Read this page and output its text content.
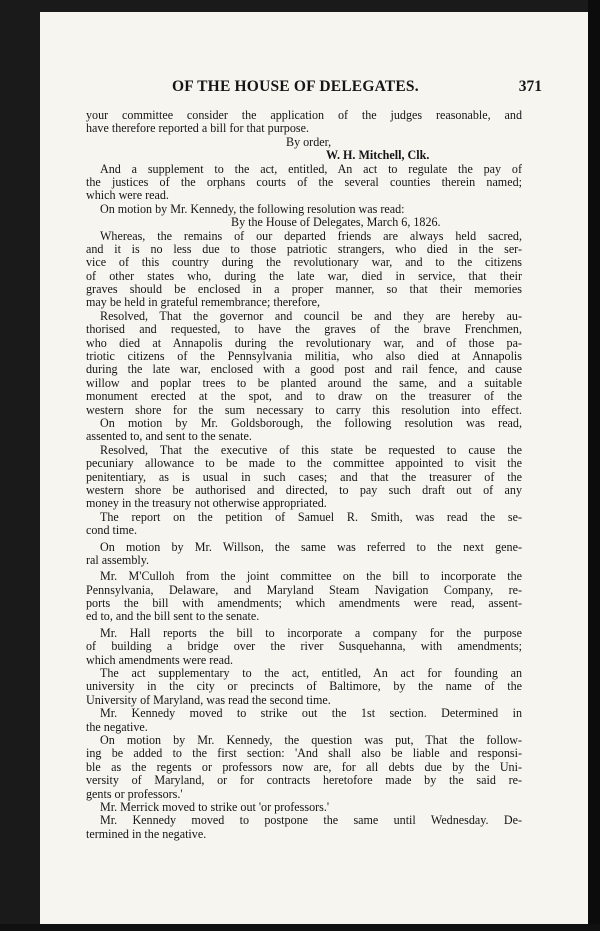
OF THE HOUSE OF DELEGATES.	371
your committee consider the application of the judges reasonable, and
have therefore reported a bill for that purpose.
By order,
W. H. Mitchell, Clk.
And a supplement to the act, entitled, An act to regulate the pay of
the justices of the orphans courts of the several counties therein named;
which were read.
On motion by Mr. Kennedy, the following resolution was read:
By the House of Delegates, March 6, 1826.
Whereas, the remains of our departed friends are always held sacred,
and it is no less due to those patriotic strangers, who died in the ser-
vice of this country during the revolutionary war, and to the citizens
of other states who, during the late war, died in service, that their
graves should be enclosed in a proper manner, so that their memories
may be held in grateful remembrance; therefore,
Resolved, That the governor and council be and they are hereby au-
thorised and requested, to have the graves of the brave Frenchmen,
who died at Annapolis during the revolutionary war, and of those pa-
triotic citizens of the Pennsylvania militia, who also died at Annapolis
during the late war, enclosed with a good post and rail fence, and cause
willow and poplar trees to be planted around the same, and a suitable
monument erected at the spot, and to draw on the treasurer of the
western shore for the sum necessary to carry this resolution into effect.
On motion by Mr. Goldsborough, the following resolution was read,
assented to, and sent to the senate.
Resolved, That the executive of this state be requested to cause the
pecuniary allowance to be made to the committee appointed to visit the
penitentiary, as is usual in such cases; and that the treasurer of the
western shore be authorised and directed, to pay such draft out of any
money in the treasury not otherwise appropriated.
The report on the petition of Samuel R. Smith, was read the se-
cond time.
On motion by Mr. Willson, the same was referred to the next gene-
ral assembly.
Mr. M'Culloh from the joint committee on the bill to incorporate the
Pennsylvania, Delaware, and Maryland Steam Navigation Company, re-
ports the bill with amendments; which amendments were read, assent-
ed to, and the bill sent to the senate.
Mr. Hall reports the bill to incorporate a company for the purpose
of building a bridge over the river Susquehanna, with amendments;
which amendments were read.
The act supplementary to the act, entitled, An act for founding an
university in the city or precincts of Baltimore, by the name of the
University of Maryland, was read the second time.
Mr. Kennedy moved to strike out the 1st section. Determined in
the negative.
On motion by Mr. Kennedy, the question was put, That the follow-
ing be added to the first section: 'And shall also be liable and responsi-
ble as the regents or professors now are, for all debts due by the Uni-
versity of Maryland, or for contracts heretofore made by the said re-
gents or professors.'
Mr. Merrick moved to strike out 'or professors.'
Mr. Kennedy moved to postpone the same until Wednesday. De-
termined in the negative.
